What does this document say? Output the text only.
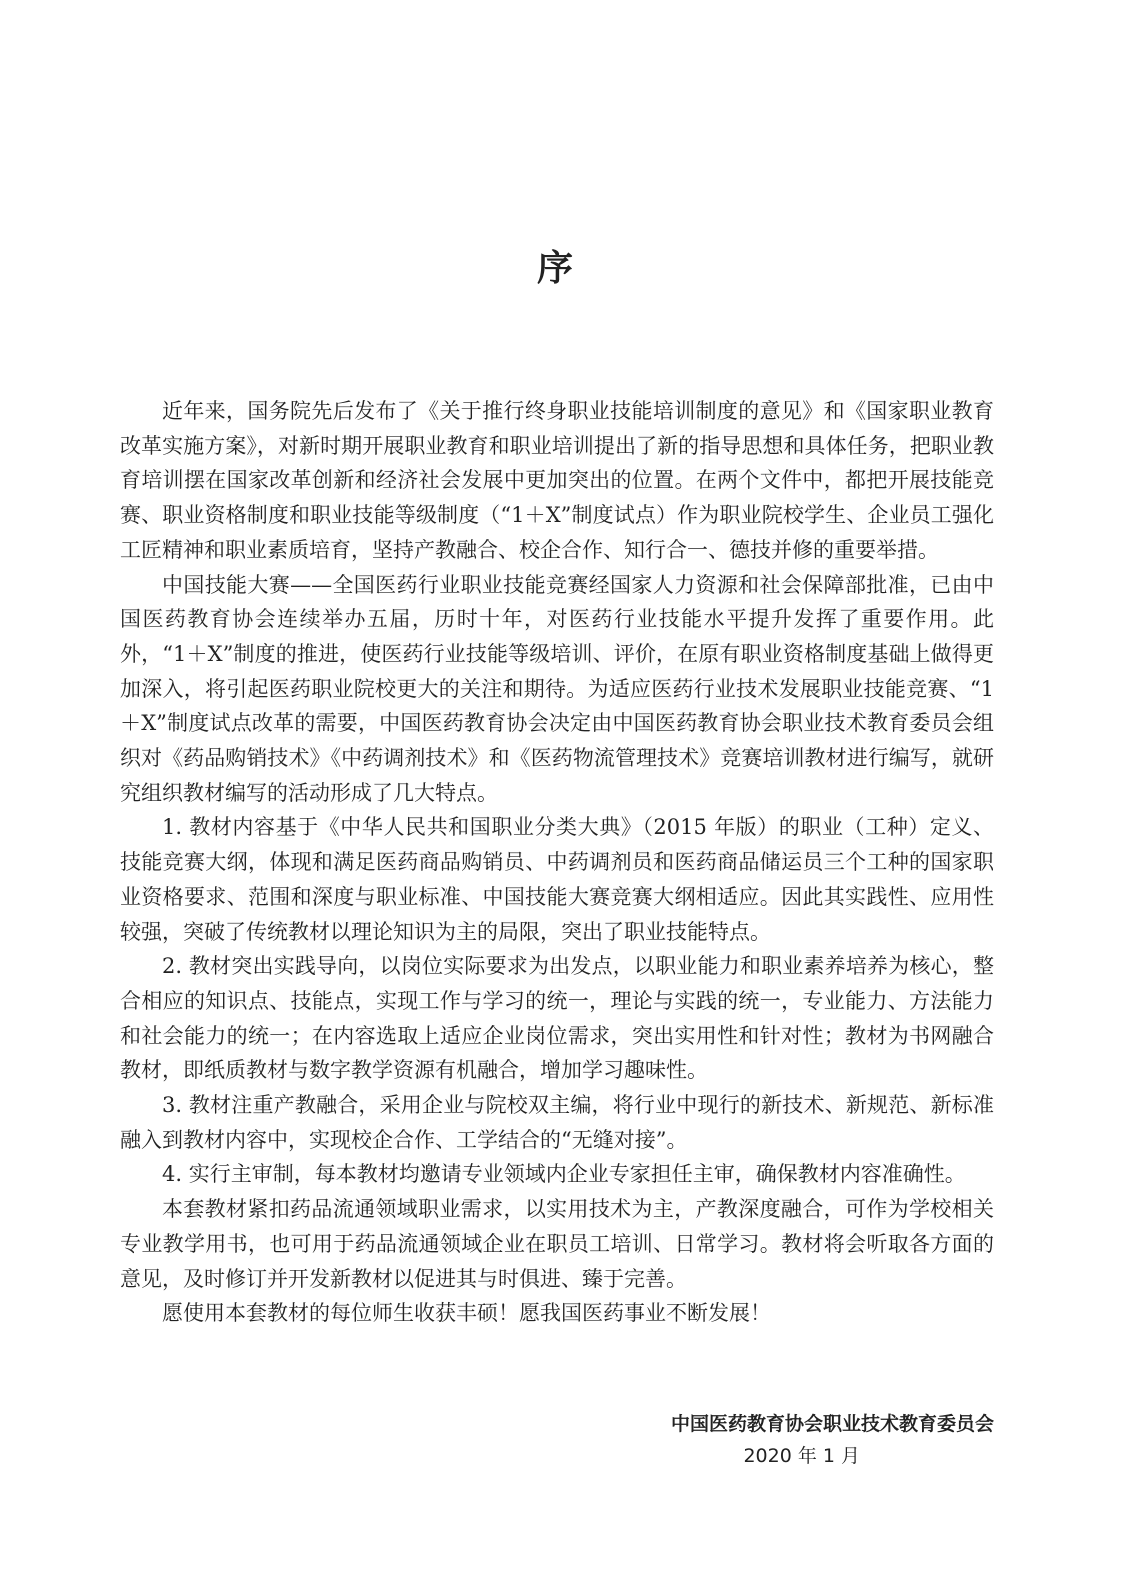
序

近年来，国务院先后发布了《关于推行终身职业技能培训制度的意见》和《国家职业教育改革实施方案》，对新时期开展职业教育和职业培训提出了新的指导思想和具体任务，把职业教育培训摆在国家改革创新和经济社会发展中更加突出的位置。在两个文件中，都把开展技能竞赛、职业资格制度和职业技能等级制度（“1＋X”制度试点）作为职业院校学生、企业员工强化工匠精神和职业素质培育，坚持产教融合、校企合作、知行合一、德技并修的重要举措。

中国技能大赛——全国医药行业职业技能竞赛经国家人力资源和社会保障部批准，已由中国医药教育协会连续举办五届，历时十年，对医药行业技能水平提升发挥了重要作用。此外，“1＋X”制度的推进，使医药行业技能等级培训、评价，在原有职业资格制度基础上做得更加深入，将引起医药职业院校更大的关注和期待。为适应医药行业技术发展职业技能竞赛、“1＋X”制度试点改革的需要，中国医药教育协会决定由中国医药教育协会职业技术教育委员会组织对《药品购销技术》《中药调剂技术》和《医药物流管理技术》竞赛培训教材进行编写，就研究组织教材编写的活动形成了几大特点。

1. 教材内容基于《中华人民共和国职业分类大典》（2015 年版）的职业（工种）定义、技能竞赛大纲，体现和满足医药商品购销员、中药调剂员和医药商品储运员三个工种的国家职业资格要求、范围和深度与职业标准、中国技能大赛竞赛大纲相适应。因此其实践性、应用性较强，突破了传统教材以理论知识为主的局限，突出了职业技能特点。

2. 教材突出实践导向，以岗位实际要求为出发点，以职业能力和职业素养培养为核心，整合相应的知识点、技能点，实现工作与学习的统一，理论与实践的统一，专业能力、方法能力和社会能力的统一；在内容选取上适应企业岗位需求，突出实用性和针对性；教材为书网融合教材，即纸质教材与数字教学资源有机融合，增加学习趣味性。

3. 教材注重产教融合，采用企业与院校双主编，将行业中现行的新技术、新规范、新标准融入到教材内容中，实现校企合作、工学结合的“无缝对接”。

4. 实行主审制，每本教材均邀请专业领域内企业专家担任主审，确保教材内容准确性。

本套教材紧扣药品流通领域职业需求，以实用技术为主，产教深度融合，可作为学校相关专业教学用书，也可用于药品流通领域企业在职员工培训、日常学习。教材将会听取各方面的意见，及时修订并开发新教材以促进其与时俱进、臻于完善。

愿使用本套教材的每位师生收获丰硕！愿我国医药事业不断发展！

中国医药教育协会职业技术教育委员会
2020 年 1 月
